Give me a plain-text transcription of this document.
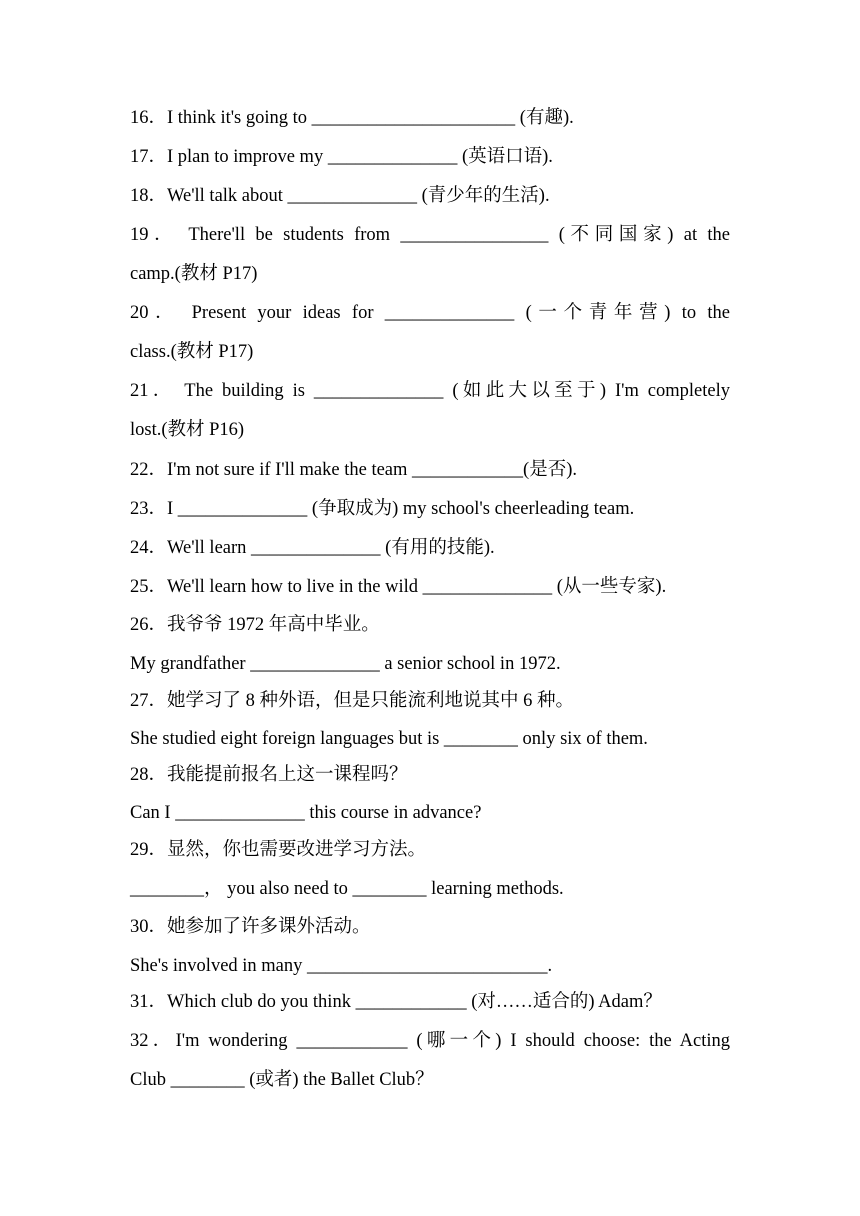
16．I think it's going to ______________________ (有趣).
17．I plan to improve my ______________ (英语口语).
18．We'll talk about ______________ (青少年的生活).
19． There'll be students from ________________ (不同国家) at the
camp.(教材 P17)
20． Present your ideas for ______________ (一个青年营) to the
class.(教材 P17)
21． The building is ______________ (如此大以至于) I'm completely
lost.(教材 P16)
22．I'm not sure if I'll make the team ____________(是否).
23．I ______________ (争取成为) my school's cheerleading team.
24．We'll learn ______________ (有用的技能).
25．We'll learn how to live in the wild ______________ (从一些专家).
26．我爷爷 1972 年高中毕业。
My grandfather ______________ a senior school in 1972.
27．她学习了 8 种外语，但是只能流利地说其中 6 种。
She studied eight foreign languages but is ________ only six of them.
28．我能提前报名上这一课程吗？
Can I ______________ this course in advance?
29．显然，你也需要改进学习方法。
________， you also need to ________ learning methods.
30．她参加了许多课外活动。
She's involved in many __________________________.
31．Which club do you think ____________ (对……适合的) Adam？
32．I'm wondering ____________ (哪一个) I should choose: the Acting
Club ________ (或者) the Ballet Club？
